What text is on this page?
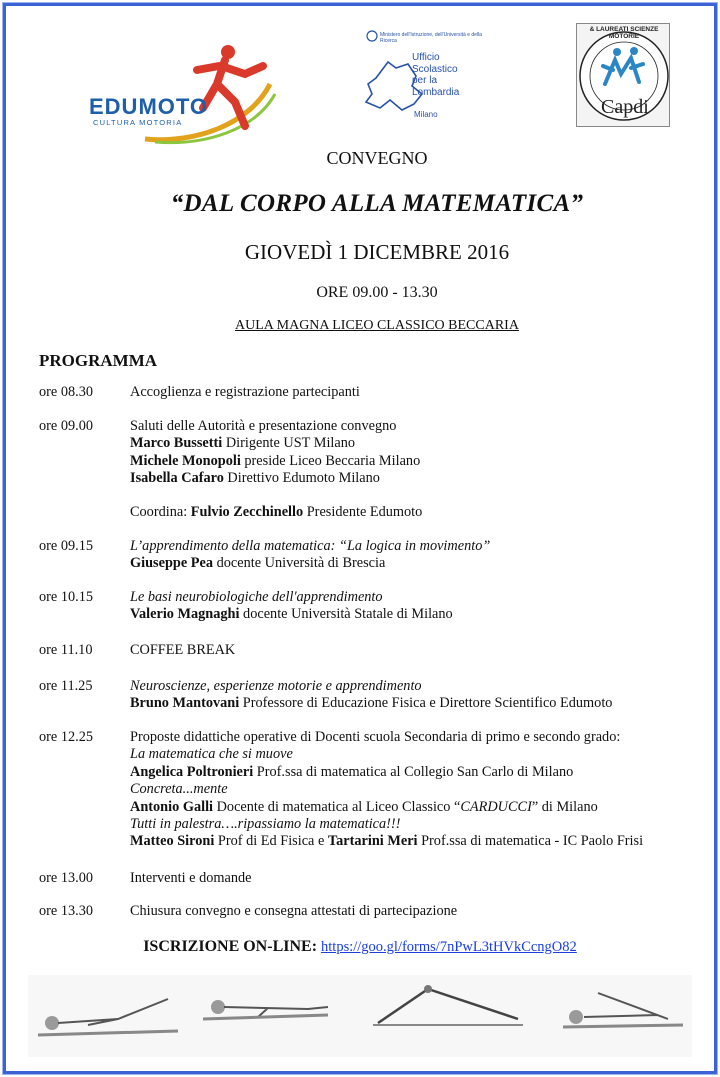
EDUMOTO
CULTURA MOTORIA
Ministero dell'Istruzione, dell'Università e della Ricerca
Ufficio
Scolastico
per la
Lombardia
Milano
& LAUREATI SCIENZE MOTORIE
Capdi
CONVEGNO
“DAL CORPO ALLA MATEMATICA”
GIOVEDÌ 1 DICEMBRE 2016
ORE 09.00 - 13.30
AULA MAGNA LICEO CLASSICO BECCARIA
PROGRAMMA
ore 08.30	Accoglienza e registrazione partecipanti
ore 09.00	Saluti delle Autorità e presentazione convegno
Marco Bussetti Dirigente UST Milano
Michele Monopoli preside Liceo Beccaria Milano
Isabella Cafaro Direttivo Edumoto Milano
Coordina: Fulvio Zecchinello Presidente Edumoto
ore 09.15	L’apprendimento della matematica: “La logica in movimento”
Giuseppe Pea docente Università di Brescia
ore 10.15	Le basi neurobiologiche dell'apprendimento
Valerio Magnaghi docente Università Statale di Milano
ore 11.10	COFFEE BREAK
ore 11.25	Neuroscienze, esperienze motorie e apprendimento
Bruno Mantovani Professore di Educazione Fisica e Direttore Scientifico Edumoto
ore 12.25	Proposte didattiche operative di Docenti scuola Secondaria di primo e secondo grado:
La matematica che si muove
Angelica Poltronieri Prof.ssa di matematica al Collegio San Carlo di Milano
Concreta...mente
Antonio Galli Docente di matematica al Liceo Classico “CARDUCCI” di Milano
Tutti in palestra….ripassiamo la matematica!!!
Matteo Sironi Prof di Ed Fisica e Tartarini Meri Prof.ssa di matematica - IC Paolo Frisi
ore 13.00	Interventi e domande
ore 13.30	Chiusura convegno e consegna attestati di partecipazione
ISCRIZIONE ON-LINE: https://goo.gl/forms/7nPwL3tHVkCcngO82
